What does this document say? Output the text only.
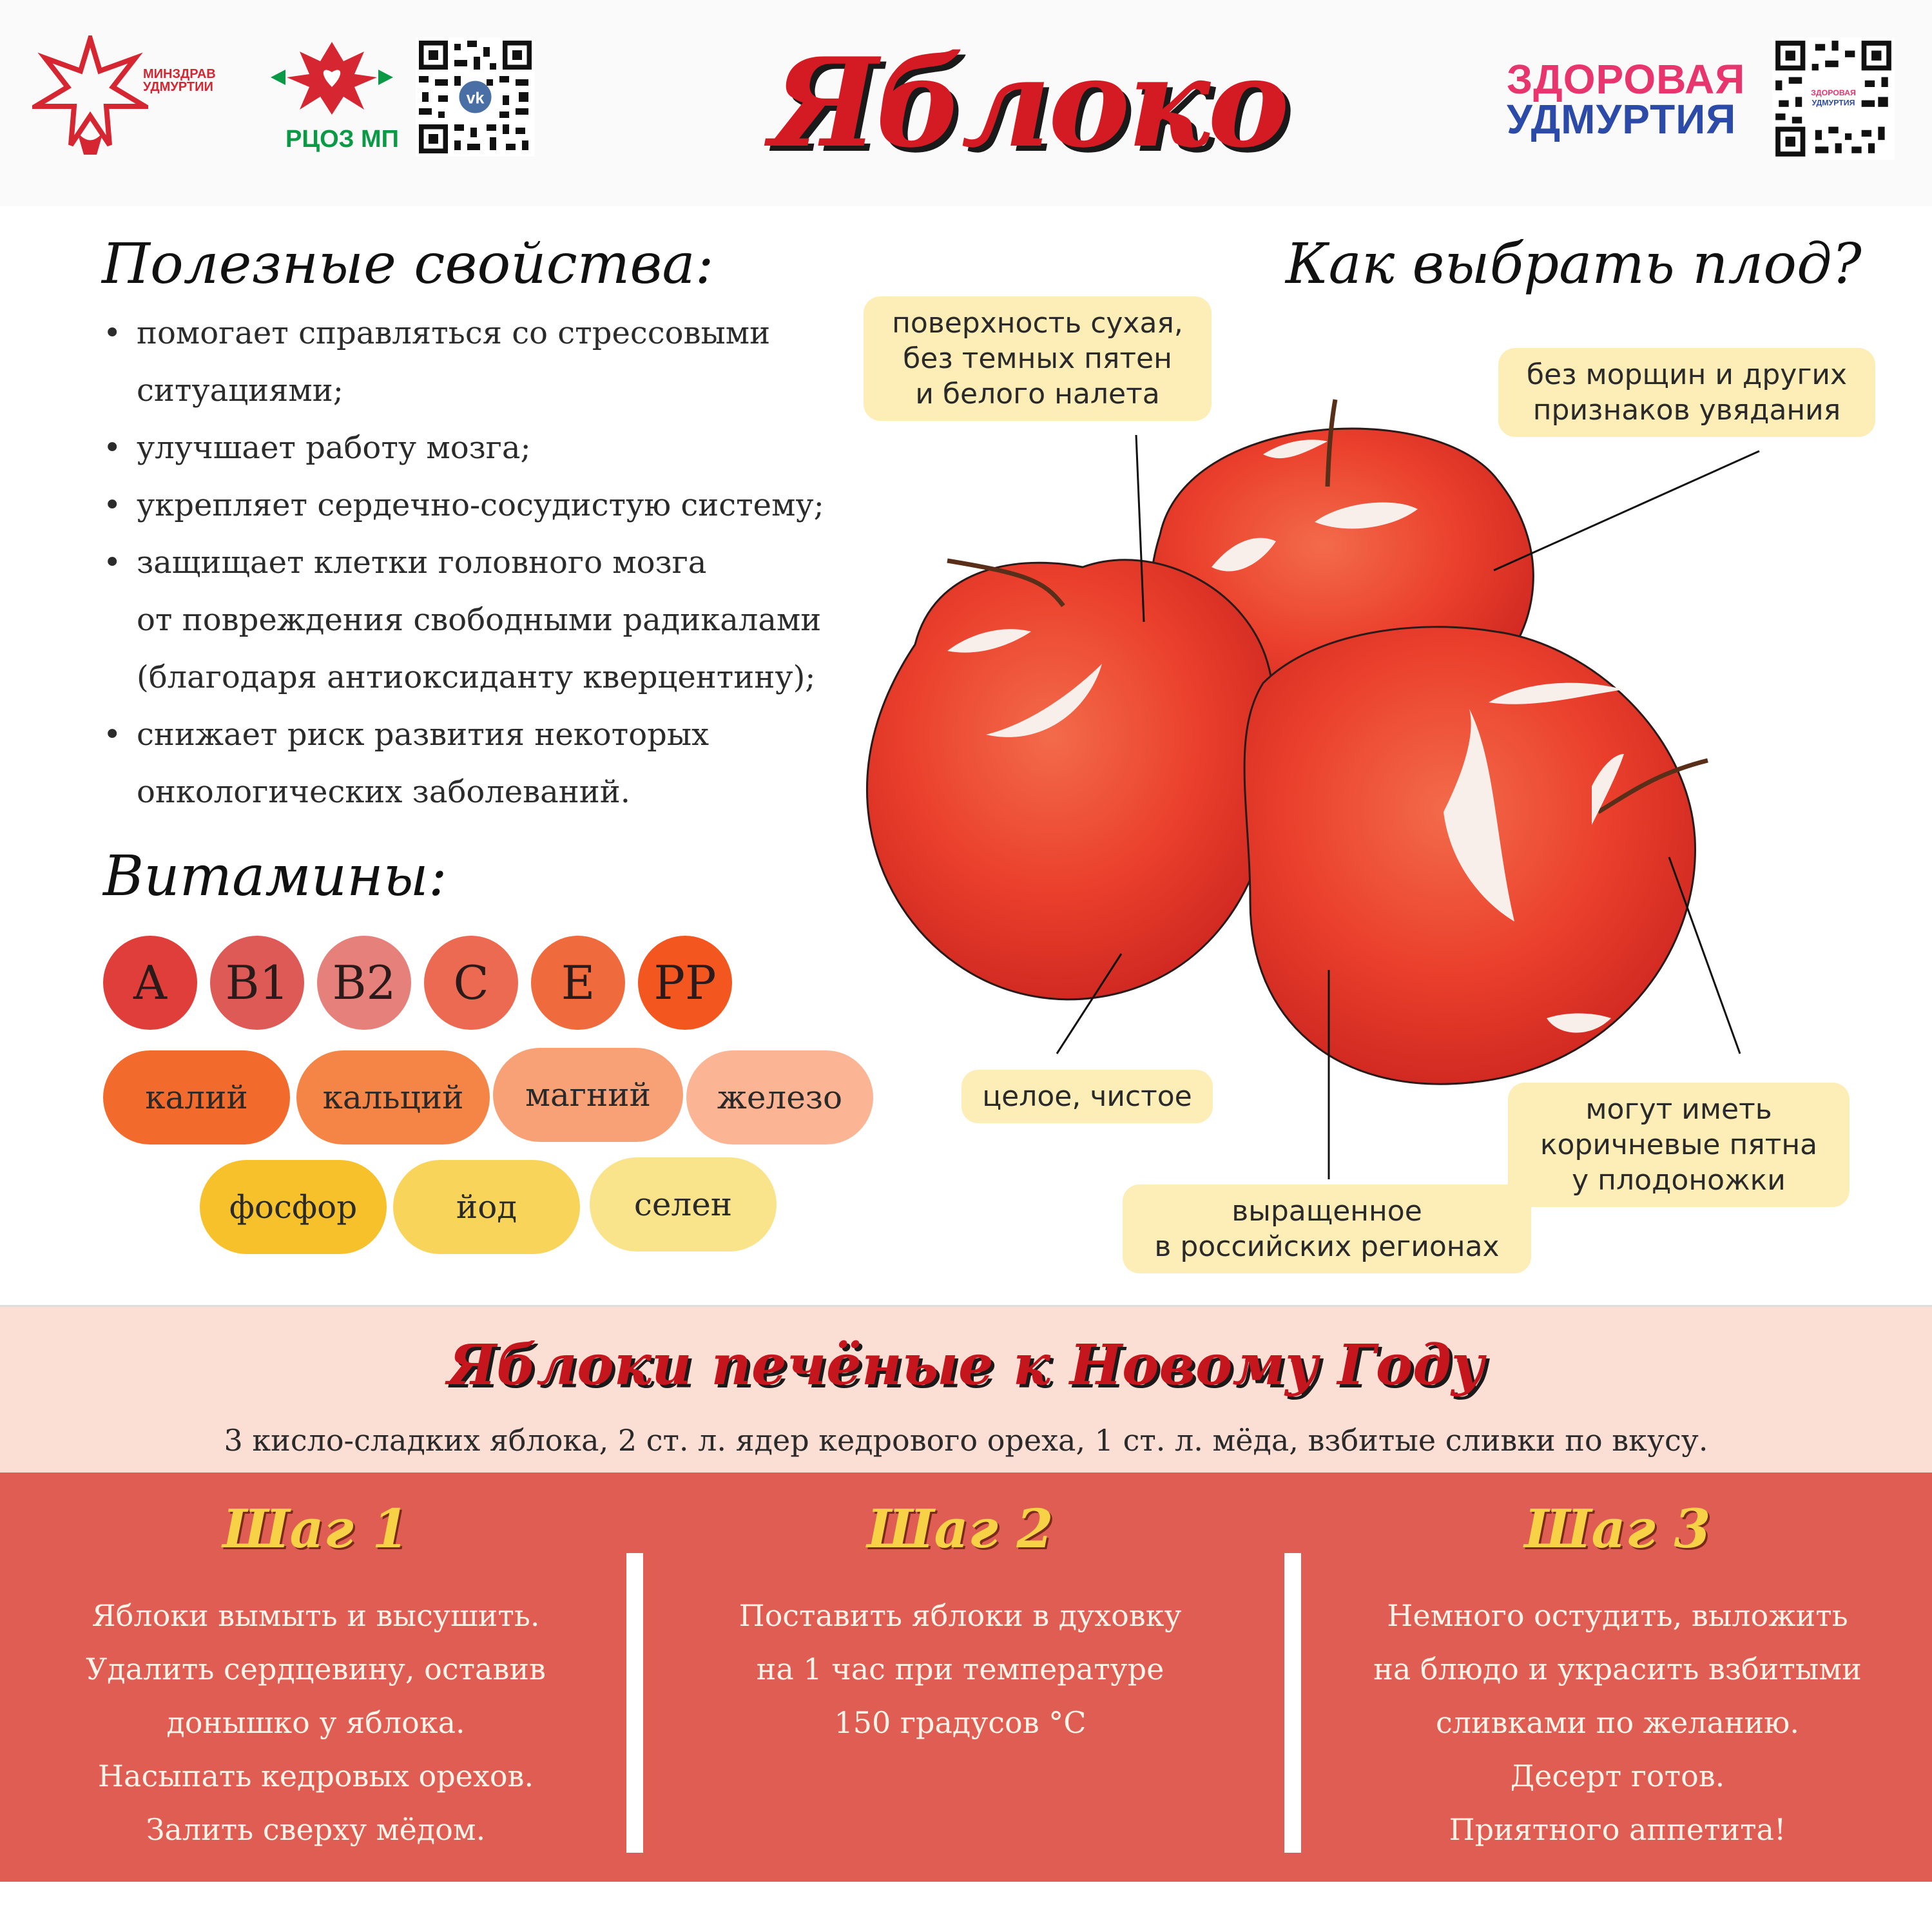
МИНЗДРАВ
УДМУРТИИ
РЦОЗ МП
vk Яблоко	ЗДОРОВАЯ
УДМУРТИЯ
ЗДОРОВАЯ
УДМУРТИЯ
Полезные свойства:
• помогает справляться со стрессовыми
ситуациями;
• улучшает работу мозга;
• укрепляет сердечно-сосудистую систему;
• защищает клетки головного мозга
от повреждения свободными радикалами
(благодаря антиоксиданту кверцентину);
• снижает риск развития некоторых
онкологических заболеваний.
Витамины:
A	B1 B2	C	E	PP
калий	кальций	магний	железо
фосфор	йод	селен
Как выбрать плод?
поверхность сухая,
без темных пятен
и белого налета
без морщин и других
признаков увядания
целое, чистое	могут иметь
коричневые пятна
у плодоножки
выращенное
в российских регионах
Яблоки печёные к Новому Году
3 кисло-сладких яблока, 2 ст. л. ядер кедрового ореха, 1 ст. л. мёда, взбитые сливки по вкусу.
Шаг 1
Яблоки вымыть и высушить.
Удалить сердцевину, оставив
донышко у яблока.
Насыпать кедровых орехов.
Залить сверху мёдом.
Шаг 2
Поставить яблоки в духовку
на 1 час при температуре
150 градусов °С
Шаг 3
Немного остудить, выложить
на блюдо и украсить взбитыми
сливками по желанию.
Десерт готов.
Приятного аппетита!
